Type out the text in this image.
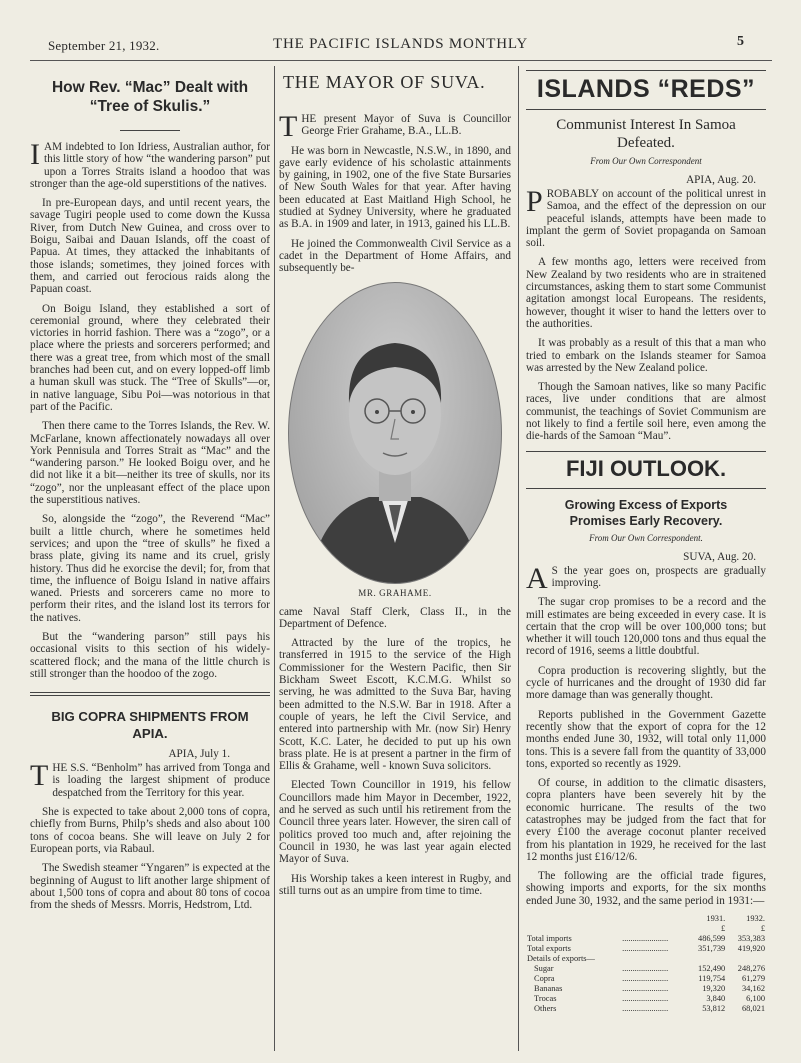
September 21, 1932.	THE PACIFIC ISLANDS MONTHLY	5
How Rev. “Mac” Dealt with
“Tree of Skulis.”

IAM indebted to Ion Idriess, Australian author, for this little story of how “the wandering parson” put upon a Torres Straits island a hoodoo that was stronger than the age-old superstitions of the natives.

In pre-European days, and until recent years, the savage Tugiri people used to come down the Kussa River, from Dutch New Guinea, and cross over to Boigu, Saibai and Dauan Islands, off the coast of Papua. At times, they attacked the inhabitants of those islands; sometimes, they joined forces with them, and carried out ferocious raids along the Papuan coast.

On Boigu Island, they established a sort of ceremonial ground, where they celebrated their victories in horrid fashion. There was a “zogo”, or a place where the priests and sorcerers performed; and there was a great tree, from which most of the small branches had been cut, and on every lopped-off limb a human skull was stuck. The “Tree of Skulls”—or, in native language, Sibu Poi—was notorious in that part of the Pacific.

Then there came to the Torres Islands, the Rev. W. McFarlane, known affectionately nowadays all over York Pennisula and Torres Strait as “Mac” and the “wandering parson.” He looked Boigu over, and he did not like it a bit—neither its tree of skulls, nor its “zogo”, nor the unpleasant effect of the place upon the superstitious natives.

So, alongside the “zogo”, the Reverend “Mac” built a little church, where he sometimes held services; and upon the “tree of skulls” he fixed a brass plate, giving its name and its cruel, grisly history. Thus did he exorcise the devil; for, from that time, the influence of Boigu Island in native affairs waned. Priests and sorcerers came no more to perform their rites, and the island lost its terrors for the natives.

But the “wandering parson” still pays his occasional visits to this section of his widely-scattered flock; and the mana of the little church is still stronger than the hoodoo of the zogo.

BIG COPRA SHIPMENTS FROM
APIA.
APIA, July 1.

THE S.S. “Benholm” has arrived from Tonga and is loading the largest shipment of produce despatched from the Territory for this year.

She is expected to take about 2,000 tons of copra, chiefly from Burns, Philp’s sheds and also about 100 tons of cocoa beans. She will leave on July 2 for European ports, via Rabaul.

The Swedish steamer “Yngaren” is expected at the beginning of August to lift another large shipment of about 1,500 tons of copra and about 80 tons of cocoa from the sheds of Messrs. Morris, Hedstrom, Ltd.

THE MAYOR OF SUVA.

THE present Mayor of Suva is Councillor George Frier Grahame, B.A., LL.B.

He was born in Newcastle, N.S.W., in 1890, and gave early evidence of his scholastic attainments by gaining, in 1902, one of the five State Bursaries of New South Wales for that year. After having been educated at East Maitland High School, he studied at Sydney University, where he graduated as B.A. in 1909 and later, in 1913, gained his LL.B.

He joined the Commonwealth Civil Service as a cadet in the Department of Home Affairs, and subsequently be-

MR. GRAHAME.

came Naval Staff Clerk, Class II., in the Department of Defence.

Attracted by the lure of the tropics, he transferred in 1915 to the service of the High Commissioner for the Western Pacific, then Sir Bickham Sweet Escott, K.C.M.G. Whilst so serving, he was admitted to the Suva Bar, having been admitted to the N.S.W. Bar in 1918. After a couple of years, he left the Civil Service, and entered into partnership with Mr. (now Sir) Henry Scott, K.C. Later, he decided to put up his own brass plate. He is at present a partner in the firm of Ellis & Grahame, well - known Suva solicitors.

Elected Town Councillor in 1919, his fellow Councillors made him Mayor in December, 1922, and he served as such until his retirement from the Council three years later. However, the siren call of politics proved too much and, after rejoining the Council in 1930, he was last year again elected Mayor of Suva.

His Worship takes a keen interest in Rugby, and still turns out as an umpire from time to time.

ISLANDS “REDS”
Communist Interest In Samoa Defeated.
From Our Own Correspondent
APIA, Aug. 20.

PROBABLY on account of the political unrest in Samoa, and the effect of the depression on our peaceful islands, attempts have been made to implant the germ of Soviet propaganda on Samoan soil.

A few months ago, letters were received from New Zealand by two residents who are in straitened circumstances, asking them to start some Communist agitation amongst local Europeans. The residents, however, thought it wiser to hand the letters over to the authorities.

It was probably as a result of this that a man who tried to embark on the Islands steamer for Samoa was arrested by the New Zealand police.

Though the Samoan natives, like so many Pacific races, live under conditions that are almost communist, the teachings of Soviet Communism are not likely to find a fertile soil here, even among the die-hards of the Samoan “Mau”.

FIJI OUTLOOK.
Growing Excess of Exports Promises Early Recovery.
From Our Own Correspondent.
SUVA, Aug. 20.

A S the year goes on, prospects are gradually improving.

The sugar crop promises to be a record and the mill estimates are being exceeded in every case. It is certain that the crop will be over 100,000 tons; but whether it will touch 120,000 tons and thus equal the record of 1916, seems a little doubtful.

Copra production is recovering slightly, but the cycle of hurricanes and the drought of 1930 did far more damage than was generally thought.

Reports published in the Government Gazette recently show that the export of copra for the 12 months ended June 30, 1932, will total only 11,000 tons. This is a severe fall from the quantity of 33,000 tons, exported so recently as 1929.

Of course, in addition to the climatic disasters, copra planters have been severely hit by the economic hurricane. The results of the two catastrophes may be judged from the fact that for every £100 the average coconut planter received from his plantation in 1929, he received for the last 12 months just £16/12/6.

The following are the official trade figures, showing imports and exports, for the six months ended June 30, 1932, and the same period in 1931:—

		1931.	1932.
		£	£
Total imports	......................	486,599	353,383
Total exports	......................	351,739	419,920
Details of exports—			
Sugar	......................	152,490	248,276
Copra	......................	119,754	61,279
Bananas	......................	19,320	34,162
Trocas	......................	3,840	6,100
Others	......................	53,812	68,021
